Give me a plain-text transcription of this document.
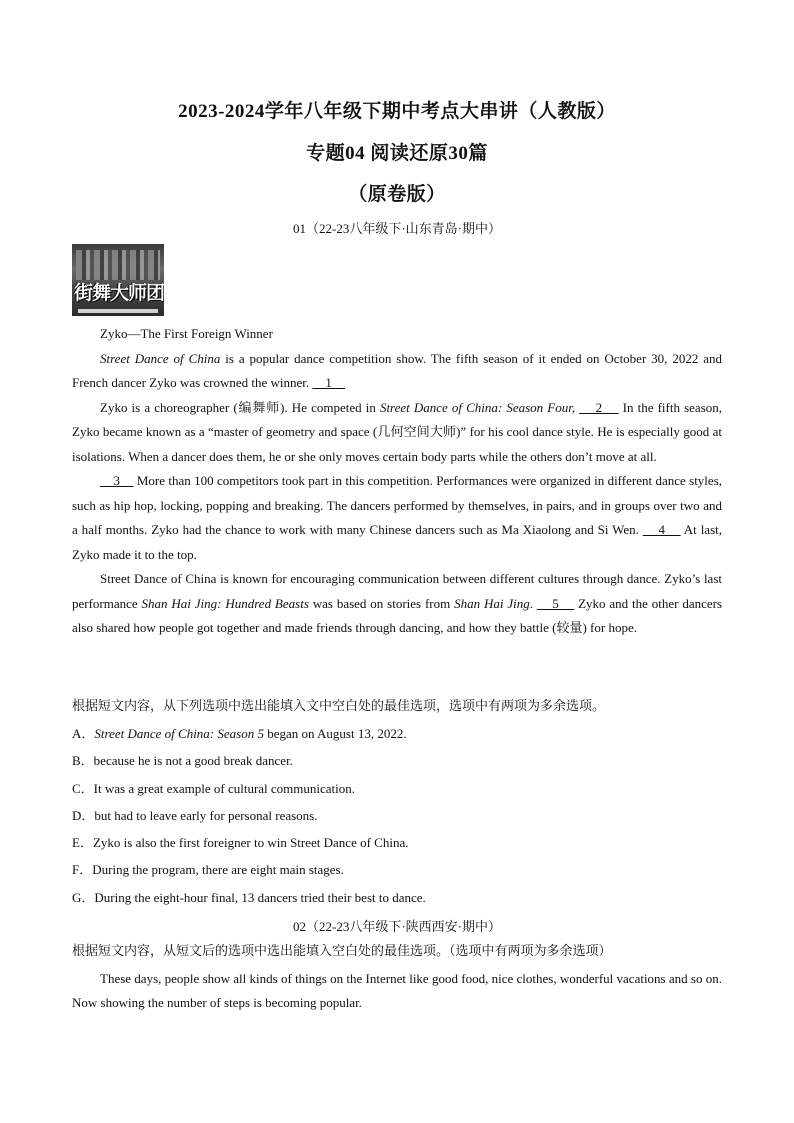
2023-2024学年八年级下期中考点大串讲（人教版）
专题04 阅读还原30篇
（原卷版）
01（22-23八年级下·山东青岛·期中）
街舞大师团

Zyko—The First Foreign Winner

Street Dance of China is a popular dance competition show. The fifth season of it ended on October 30, 2022 and French dancer Zyko was crowned the winner.     1

Zyko is a choreographer (编舞师). He competed in Street Dance of China: Season Four,     2     In the fifth season, Zyko became known as a “master of geometry and space (几何空间大师)” for his cool dance style. He is especially good at isolations. When a dancer does them, he or she only moves certain body parts while the others don’t move at all.

3     More than 100 competitors took part in this competition. Performances were organized in different dance styles, such as hip hop, locking, popping and breaking. The dancers performed by themselves, in pairs, and in groups over two and a half months. Zyko had the chance to work with many Chinese dancers such as Ma Xiaolong and Si Wen.     4     At last, Zyko made it to the top.

Street Dance of China is known for encouraging communication between different cultures through dance. Zyko’s last performance Shan Hai Jing: Hundred Beasts was based on stories from Shan Hai Jing.     5     Zyko and the other dancers also shared how people got together and made friends through dancing, and how they battle (较量) for hope.

根据短文内容，从下列选项中选出能填入文中空白处的最佳选项，选项中有两项为多余选项。

A．Street Dance of China: Season 5 began on August 13, 2022.

B．because he is not a good break dancer.

C．It was a great example of cultural communication.

D．but had to leave early for personal reasons.

E．Zyko is also the first foreigner to win Street Dance of China.

F．During the program, there are eight main stages.

G．During the eight-hour final, 13 dancers tried their best to dance.

02（22-23八年级下·陕西西安·期中）

根据短文内容，从短文后的选项中选出能填入空白处的最佳选项。（选项中有两项为多余选项）

These days, people show all kinds of things on the Internet like good food, nice clothes, wonderful vacations and so on. Now showing the number of steps is becoming popular.
